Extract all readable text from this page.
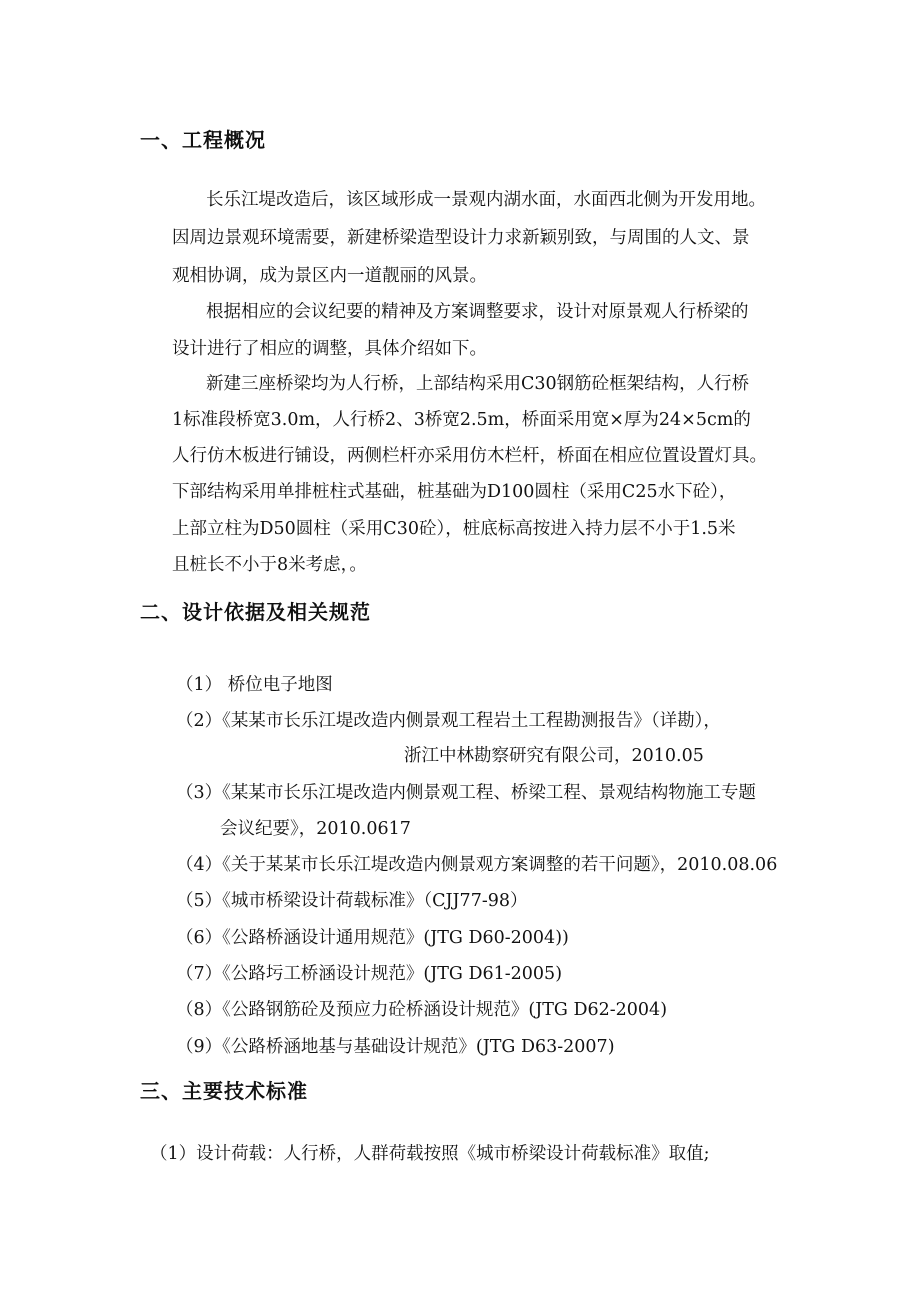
一、工程概况
长乐江堤改造后，该区域形成一景观内湖水面，水面西北侧为开发用地。
因周边景观环境需要，新建桥梁造型设计力求新颖别致，与周围的人文、景
观相协调，成为景区内一道靓丽的风景。
根据相应的会议纪要的精神及方案调整要求，设计对原景观人行桥梁的
设计进行了相应的调整，具体介绍如下。
新建三座桥梁均为人行桥，上部结构采用C30钢筋砼框架结构，人行桥
1标准段桥宽3.0m，人行桥2、3桥宽2.5m，桥面采用宽×厚为24×5cm的
人行仿木板进行铺设，两侧栏杆亦采用仿木栏杆，桥面在相应位置设置灯具。
下部结构采用单排桩柱式基础，桩基础为D100圆柱（采用C25水下砼），
上部立柱为D50圆柱（采用C30砼），桩底标高按进入持力层不小于1.5米
且桩长不小于8米考虑，。
二、设计依据及相关规范
（1） 桥位电子地图
（2）《某某市长乐江堤改造内侧景观工程岩土工程勘测报告》（详勘），
浙江中林勘察研究有限公司，2010.05
（3）《某某市长乐江堤改造内侧景观工程、桥梁工程、景观结构物施工专题
会议纪要》，2010.0617
（4）《关于某某市长乐江堤改造内侧景观方案调整的若干问题》，2010.08.06
（5）《城市桥梁设计荷载标准》（CJJ77-98）
（6）《公路桥涵设计通用规范》(JTG D60-2004))
（7）《公路圬工桥涵设计规范》(JTG D61-2005)
（8）《公路钢筋砼及预应力砼桥涵设计规范》(JTG D62-2004)
（9）《公路桥涵地基与基础设计规范》(JTG D63-2007)
三、主要技术标准
（1）设计荷载：人行桥，人群荷载按照《城市桥梁设计荷载标准》取值;
